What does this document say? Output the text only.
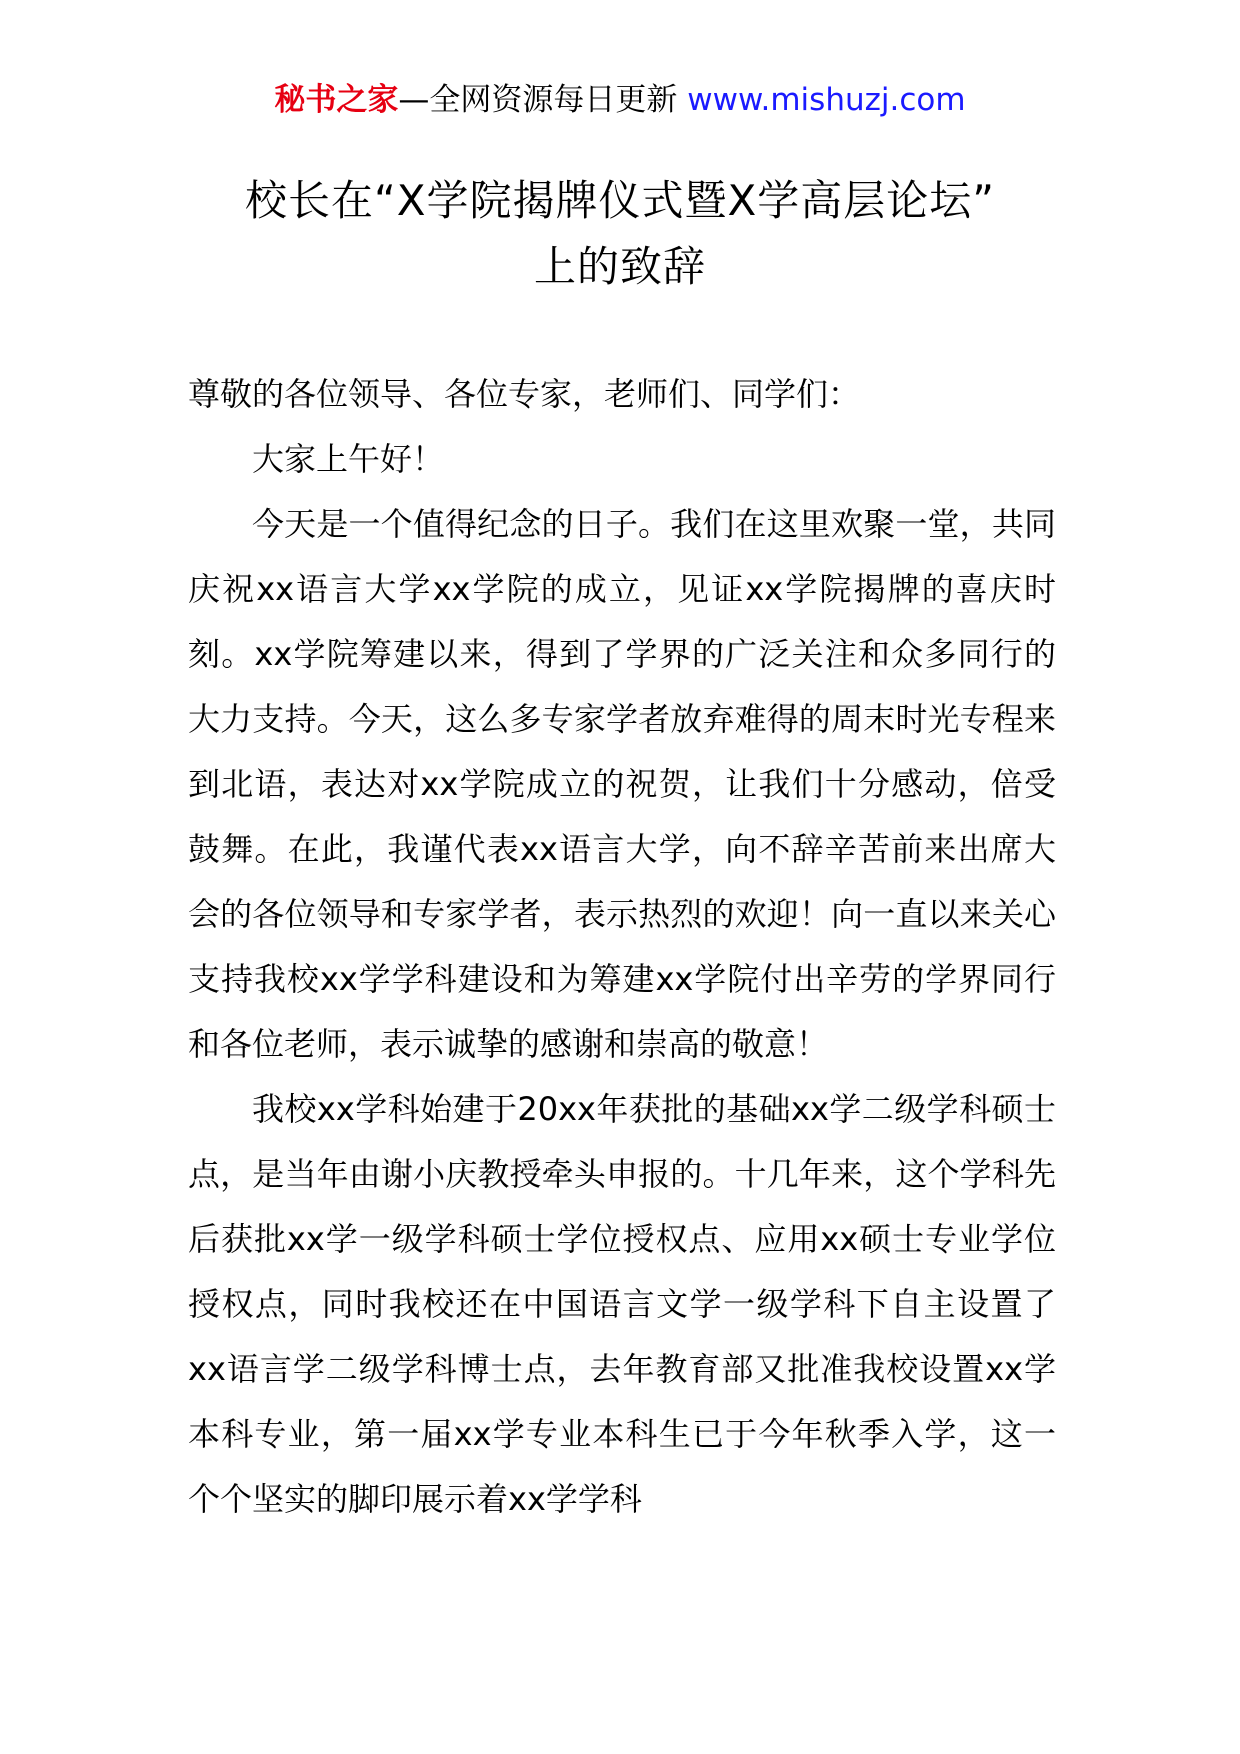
秘书之家—全网资源每日更新 www.mishuzj.com
校长在“X学院揭牌仪式暨X学高层论坛”
上的致辞

尊敬的各位领导、各位专家，老师们、同学们：

大家上午好！

今天是一个值得纪念的日子。我们在这里欢聚一堂，共同庆祝xx语言大学xx学院的成立，见证xx学院揭牌的喜庆时刻。xx学院筹建以来，得到了学界的广泛关注和众多同行的大力支持。今天，这么多专家学者放弃难得的周末时光专程来到北语，表达对xx学院成立的祝贺，让我们十分感动，倍受鼓舞。在此，我谨代表xx语言大学，向不辞辛苦前来出席大会的各位领导和专家学者，表示热烈的欢迎！向一直以来关心支持我校xx学学科建设和为筹建xx学院付出辛劳的学界同行和各位老师，表示诚挚的感谢和崇高的敬意！

我校xx学科始建于20xx年获批的基础xx学二级学科硕士点，是当年由谢小庆教授牵头申报的。十几年来，这个学科先后获批xx学一级学科硕士学位授权点、应用xx硕士专业学位授权点，同时我校还在中国语言文学一级学科下自主设置了xx语言学二级学科博士点，去年教育部又批准我校设置xx学本科专业，第一届xx学专业本科生已于今年秋季入学，这一个个坚实的脚印展示着xx学学科
